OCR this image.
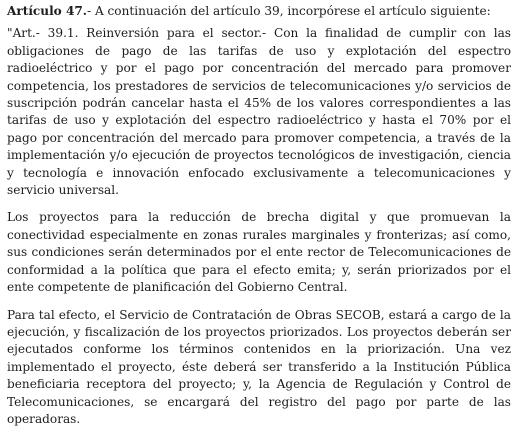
Artículo 47.- A continuación del artículo 39, incorpórese el artículo siguiente:

"Art.- 39.1. Reinversión para el sector.- Con la finalidad de cumplir con las obligaciones de pago de las tarifas de uso y explotación del espectro radioeléctrico y por el pago por concentración del mercado para promover competencia, los prestadores de servicios de telecomunicaciones y/o servicios de suscripción podrán cancelar hasta el 45% de los valores correspondientes a las tarifas de uso y explotación del espectro radioeléctrico y hasta el 70% por el pago por concentración del mercado para promover competencia, a través de la implementación y/o ejecución de proyectos tecnológicos de investigación, ciencia y tecnología e innovación enfocado exclusivamente a telecomunicaciones y servicio universal.

Los proyectos para la reducción de brecha digital y que promuevan la conectividad especialmente en zonas rurales marginales y fronterizas; así como, sus condiciones serán determinados por el ente rector de Telecomunicaciones de conformidad a la política que para el efecto emita; y, serán priorizados por el ente competente de planificación del Gobierno Central.

Para tal efecto, el Servicio de Contratación de Obras SECOB, estará a cargo de la ejecución, y fiscalización de los proyectos priorizados. Los proyectos deberán ser ejecutados conforme los términos contenidos en la priorización. Una vez implementado el proyecto, éste deberá ser transferido a la Institución Pública beneficiaria receptora del proyecto; y, la Agencia de Regulación y Control de Telecomunicaciones, se encargará del registro del pago por parte de las operadoras.
